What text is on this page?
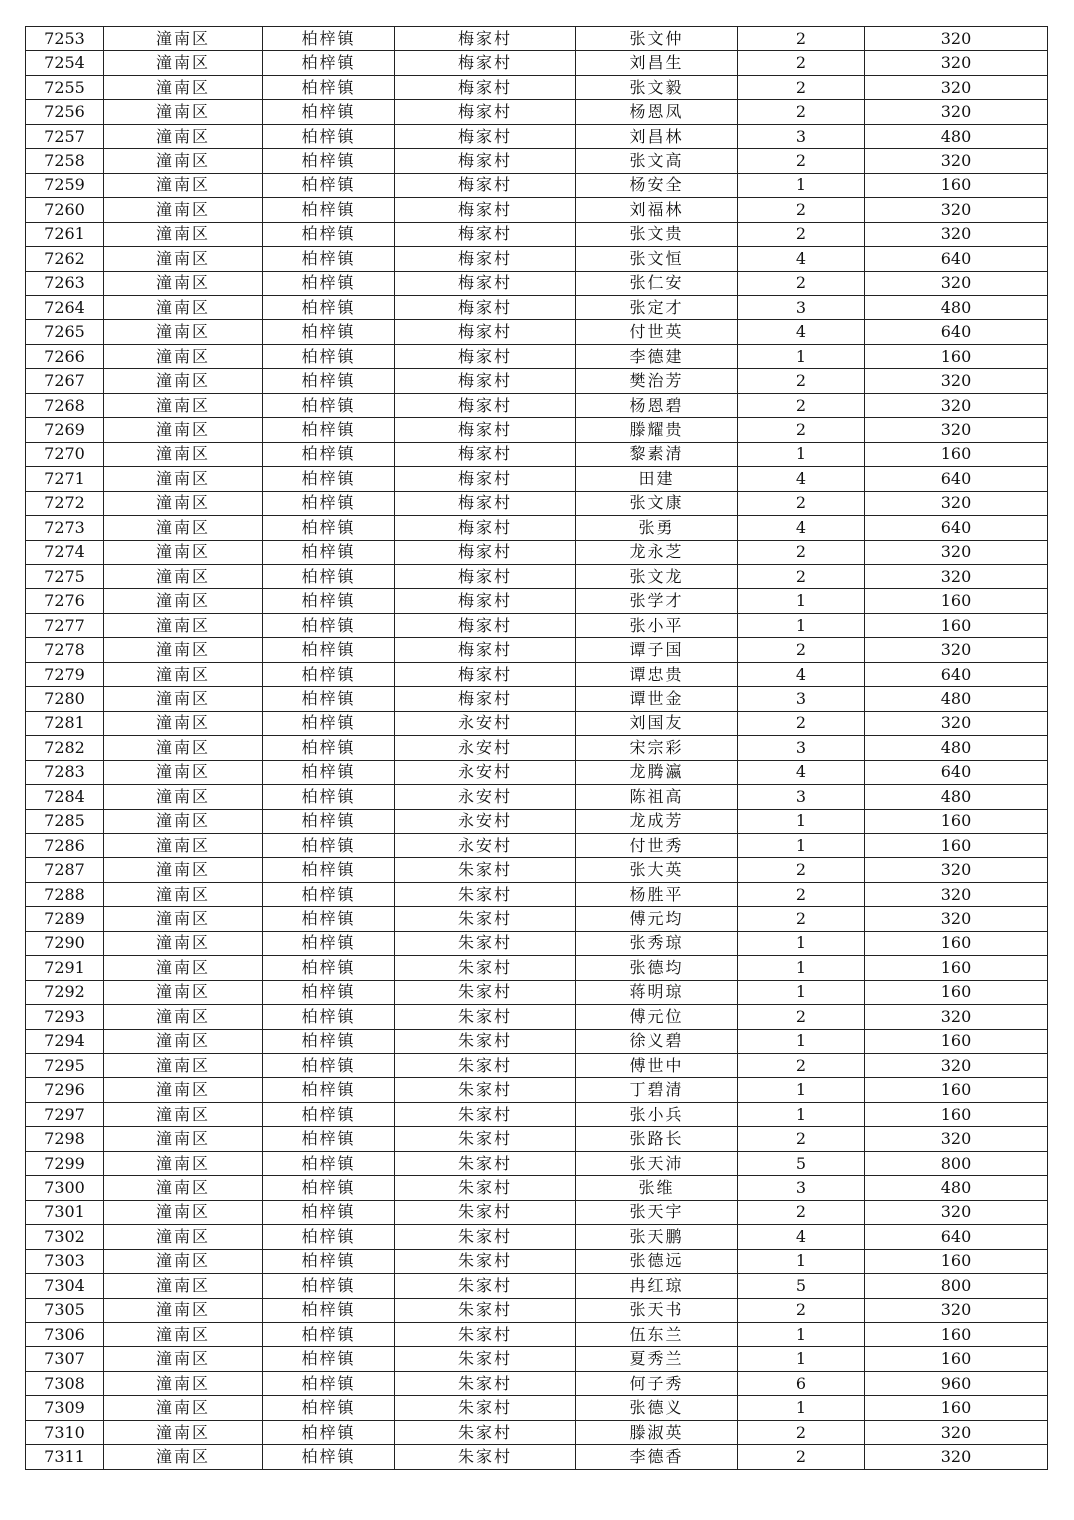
7253	潼南区	柏梓镇	梅家村	张文仲	2	320
7254	潼南区	柏梓镇	梅家村	刘昌生	2	320
7255	潼南区	柏梓镇	梅家村	张文毅	2	320
7256	潼南区	柏梓镇	梅家村	杨恩凤	2	320
7257	潼南区	柏梓镇	梅家村	刘昌林	3	480
7258	潼南区	柏梓镇	梅家村	张文高	2	320
7259	潼南区	柏梓镇	梅家村	杨安全	1	160
7260	潼南区	柏梓镇	梅家村	刘福林	2	320
7261	潼南区	柏梓镇	梅家村	张文贵	2	320
7262	潼南区	柏梓镇	梅家村	张文恒	4	640
7263	潼南区	柏梓镇	梅家村	张仁安	2	320
7264	潼南区	柏梓镇	梅家村	张定才	3	480
7265	潼南区	柏梓镇	梅家村	付世英	4	640
7266	潼南区	柏梓镇	梅家村	李德建	1	160
7267	潼南区	柏梓镇	梅家村	樊治芳	2	320
7268	潼南区	柏梓镇	梅家村	杨恩碧	2	320
7269	潼南区	柏梓镇	梅家村	滕耀贵	2	320
7270	潼南区	柏梓镇	梅家村	黎素清	1	160
7271	潼南区	柏梓镇	梅家村	田建	4	640
7272	潼南区	柏梓镇	梅家村	张文康	2	320
7273	潼南区	柏梓镇	梅家村	张勇	4	640
7274	潼南区	柏梓镇	梅家村	龙永芝	2	320
7275	潼南区	柏梓镇	梅家村	张文龙	2	320
7276	潼南区	柏梓镇	梅家村	张学才	1	160
7277	潼南区	柏梓镇	梅家村	张小平	1	160
7278	潼南区	柏梓镇	梅家村	谭子国	2	320
7279	潼南区	柏梓镇	梅家村	谭忠贵	4	640
7280	潼南区	柏梓镇	梅家村	谭世金	3	480
7281	潼南区	柏梓镇	永安村	刘国友	2	320
7282	潼南区	柏梓镇	永安村	宋宗彩	3	480
7283	潼南区	柏梓镇	永安村	龙腾瀛	4	640
7284	潼南区	柏梓镇	永安村	陈祖高	3	480
7285	潼南区	柏梓镇	永安村	龙成芳	1	160
7286	潼南区	柏梓镇	永安村	付世秀	1	160
7287	潼南区	柏梓镇	朱家村	张大英	2	320
7288	潼南区	柏梓镇	朱家村	杨胜平	2	320
7289	潼南区	柏梓镇	朱家村	傅元均	2	320
7290	潼南区	柏梓镇	朱家村	张秀琼	1	160
7291	潼南区	柏梓镇	朱家村	张德均	1	160
7292	潼南区	柏梓镇	朱家村	蒋明琼	1	160
7293	潼南区	柏梓镇	朱家村	傅元位	2	320
7294	潼南区	柏梓镇	朱家村	徐义碧	1	160
7295	潼南区	柏梓镇	朱家村	傅世中	2	320
7296	潼南区	柏梓镇	朱家村	丁碧清	1	160
7297	潼南区	柏梓镇	朱家村	张小兵	1	160
7298	潼南区	柏梓镇	朱家村	张路长	2	320
7299	潼南区	柏梓镇	朱家村	张天沛	5	800
7300	潼南区	柏梓镇	朱家村	张维	3	480
7301	潼南区	柏梓镇	朱家村	张天宇	2	320
7302	潼南区	柏梓镇	朱家村	张天鹏	4	640
7303	潼南区	柏梓镇	朱家村	张德远	1	160
7304	潼南区	柏梓镇	朱家村	冉红琼	5	800
7305	潼南区	柏梓镇	朱家村	张天书	2	320
7306	潼南区	柏梓镇	朱家村	伍东兰	1	160
7307	潼南区	柏梓镇	朱家村	夏秀兰	1	160
7308	潼南区	柏梓镇	朱家村	何子秀	6	960
7309	潼南区	柏梓镇	朱家村	张德义	1	160
7310	潼南区	柏梓镇	朱家村	滕淑英	2	320
7311	潼南区	柏梓镇	朱家村	李德香	2	320
